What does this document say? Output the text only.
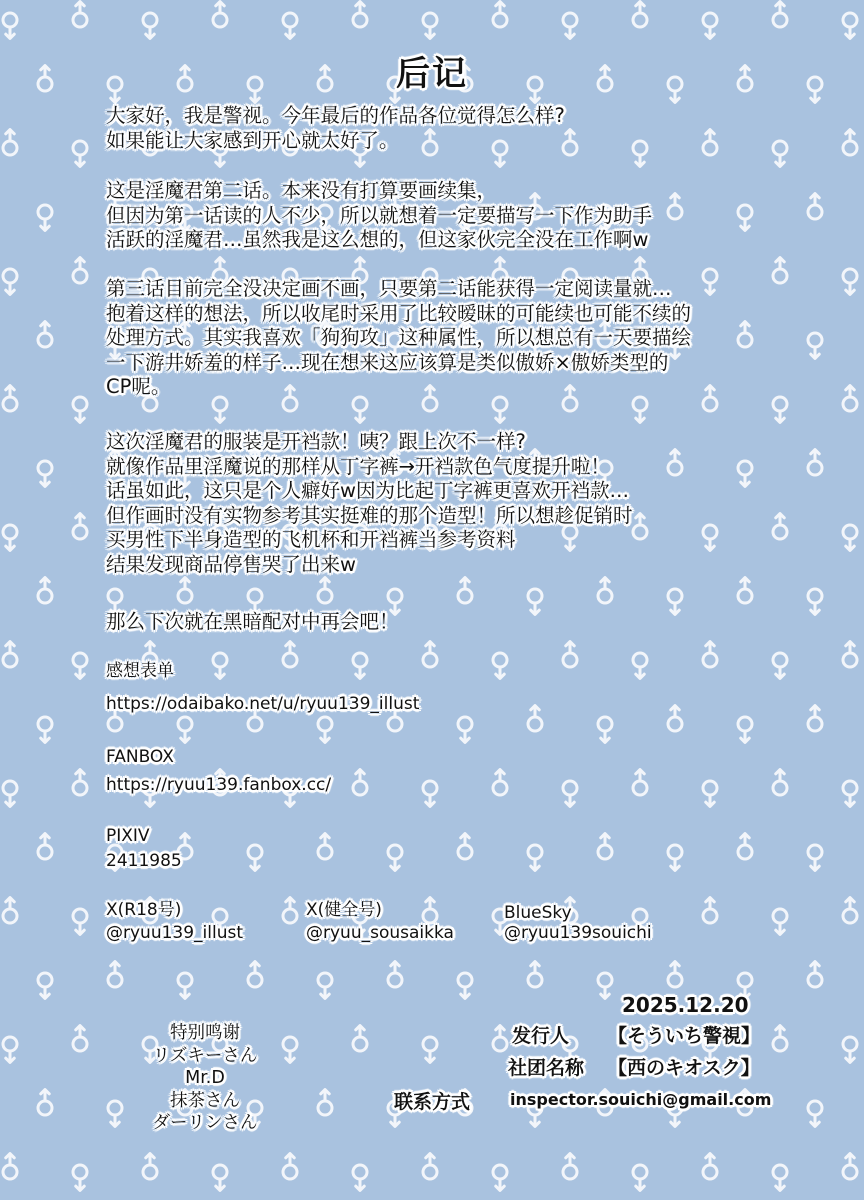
后记
大家好，我是警视。今年最后的作品各位觉得怎么样?
如果能让大家感到开心就太好了。
这是淫魔君第二话。本来没有打算要画续集，
但因为第一话读的人不少，所以就想着一定要描写一下作为助手
活跃的淫魔君…虽然我是这么想的，但这家伙完全没在工作啊w
第三话目前完全没决定画不画，只要第二话能获得一定阅读量就…
抱着这样的想法，所以收尾时采用了比较暧昧的可能续也可能不续的
处理方式。其实我喜欢「狗狗攻」这种属性，所以想总有一天要描绘
一下游井娇羞的样子…现在想来这应该算是类似傲娇×傲娇类型的
CP呢。
这次淫魔君的服装是开裆款！咦？跟上次不一样?
就像作品里淫魔说的那样从丁字裤→开裆款色气度提升啦！
话虽如此，这只是个人癖好w因为比起丁字裤更喜欢开裆款…
但作画时没有实物参考其实挺难的那个造型！所以想趁促销时
买男性下半身造型的飞机杯和开裆裤当参考资料
结果发现商品停售哭了出来w
那么下次就在黑暗配对中再会吧！
感想表单
https://odaibako.net/u/ryuu139_illust
FANBOX
https://ryuu139.fanbox.cc/
PIXIV
2411985
X(R18号)
@ryuu139_illust
X(健全号)
@ryuu_sousaikka
BlueSky
@ryuu139souichi
2025.12.20
发行人 【そういち警視】
社团名称 【西のキオスク】
联系方式 inspector.souichi@gmail.com
特别鸣谢
リズキーさん
Mr.D
抹茶さん
ダーリンさん
